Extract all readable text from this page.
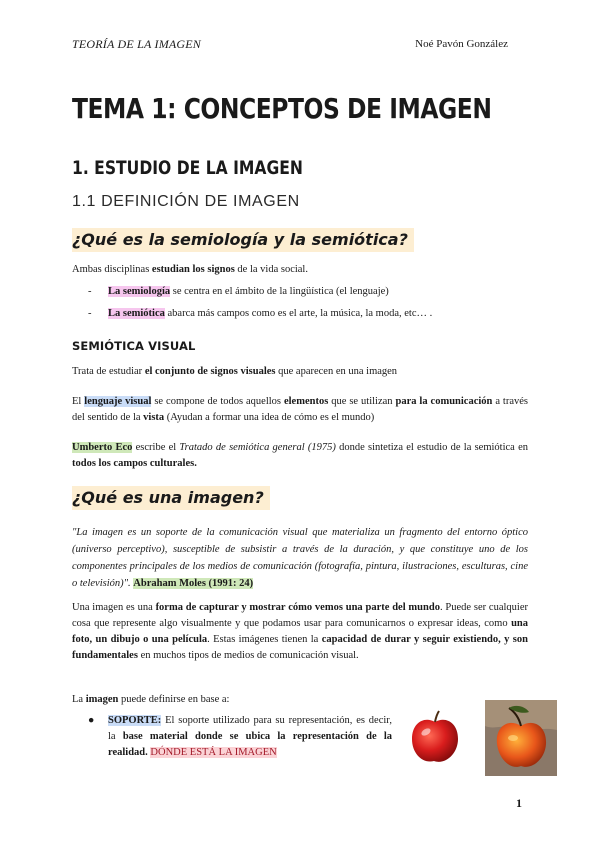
TEORÍA DE LA IMAGEN	Noé Pavón González
TEMA 1: CONCEPTOS DE IMAGEN
1. ESTUDIO DE LA IMAGEN
1.1 DEFINICIÓN DE IMAGEN
¿Qué es la semiología y la semiótica?

Ambas disciplinas estudian los signos de la vida social.

- La semiología se centra en el ámbito de la lingüística (el lenguaje)
- La semiótica abarca más campos como es el arte, la música, la moda, etc… .
SEMIÓTICA VISUAL

Trata de estudiar el conjunto de signos visuales que aparecen en una imagen

El lenguaje visual se compone de todos aquellos elementos que se utilizan para la comunicación a través del sentido de la vista (Ayudan a formar una idea de cómo es el mundo)

Umberto Eco escribe el Tratado de semiótica general (1975) donde sintetiza el estudio de la semiótica en todos los campos culturales.

¿Qué es una imagen?

"La imagen es un soporte de la comunicación visual que materializa un fragmento del entorno óptico (universo perceptivo), susceptible de subsistir a través de la duración, y que constituye uno de los componentes principales de los medios de comunicación (fotografía, pintura, ilustraciones, esculturas, cine o televisión)". Abraham Moles (1991: 24)

Una imagen es una forma de capturar y mostrar cómo vemos una parte del mundo. Puede ser cualquier cosa que represente algo visualmente y que podamos usar para comunicarnos o expresar ideas, como una foto, un dibujo o una película. Estas imágenes tienen la capacidad de durar y seguir existiendo, y son fundamentales en muchos tipos de medios de comunicación visual.

La imagen puede definirse en base a:

●	SOPORTE: El soporte utilizado para su representación, es decir, la base material donde se ubica la representación de la realidad. DÓNDE ESTÁ LA IMAGEN
1
